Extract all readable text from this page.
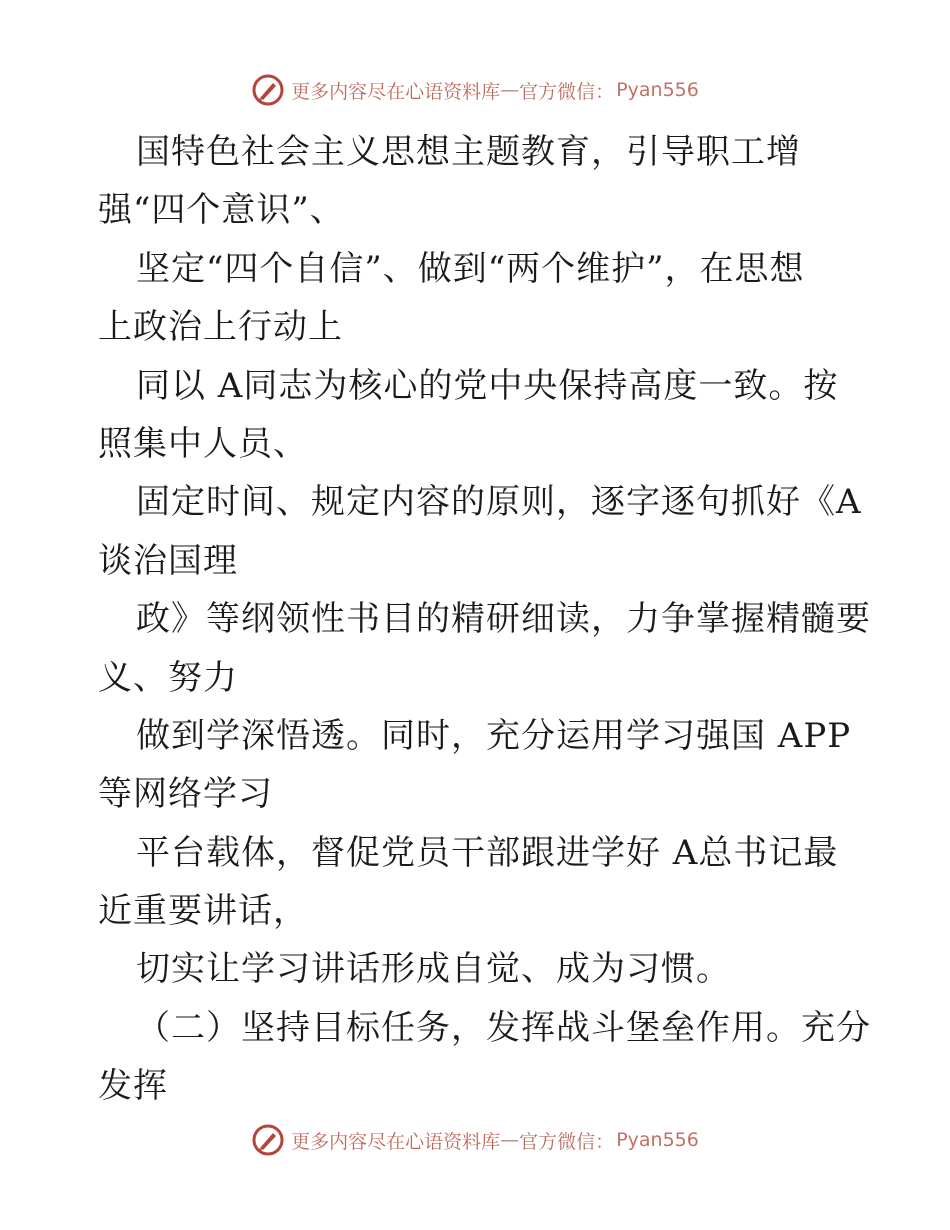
更多内容尽在心语资料库 — 官方微信： Pyan556
国特色社会主义思想主题教育，引导职工增
强“四个意识”、
坚定“四个自信”、做到“两个维护”，在思想
上政治上行动上
同以 A同志为核心的党中央保持高度一致。按
照集中人员、
固定时间、规定内容的原则，逐字逐句抓好《A
谈治国理
政》等纲领性书目的精研细读，力争掌握精髓要
义、努力
做到学深悟透。同时，充分运用学习强国 APP
等网络学习
平台载体，督促党员干部跟进学好 A总书记最
近重要讲话，
切实让学习讲话形成自觉、成为习惯。
（二）坚持目标任务，发挥战斗堡垒作用。充分
发挥
更多内容尽在心语资料库 — 官方微信： Pyan556
